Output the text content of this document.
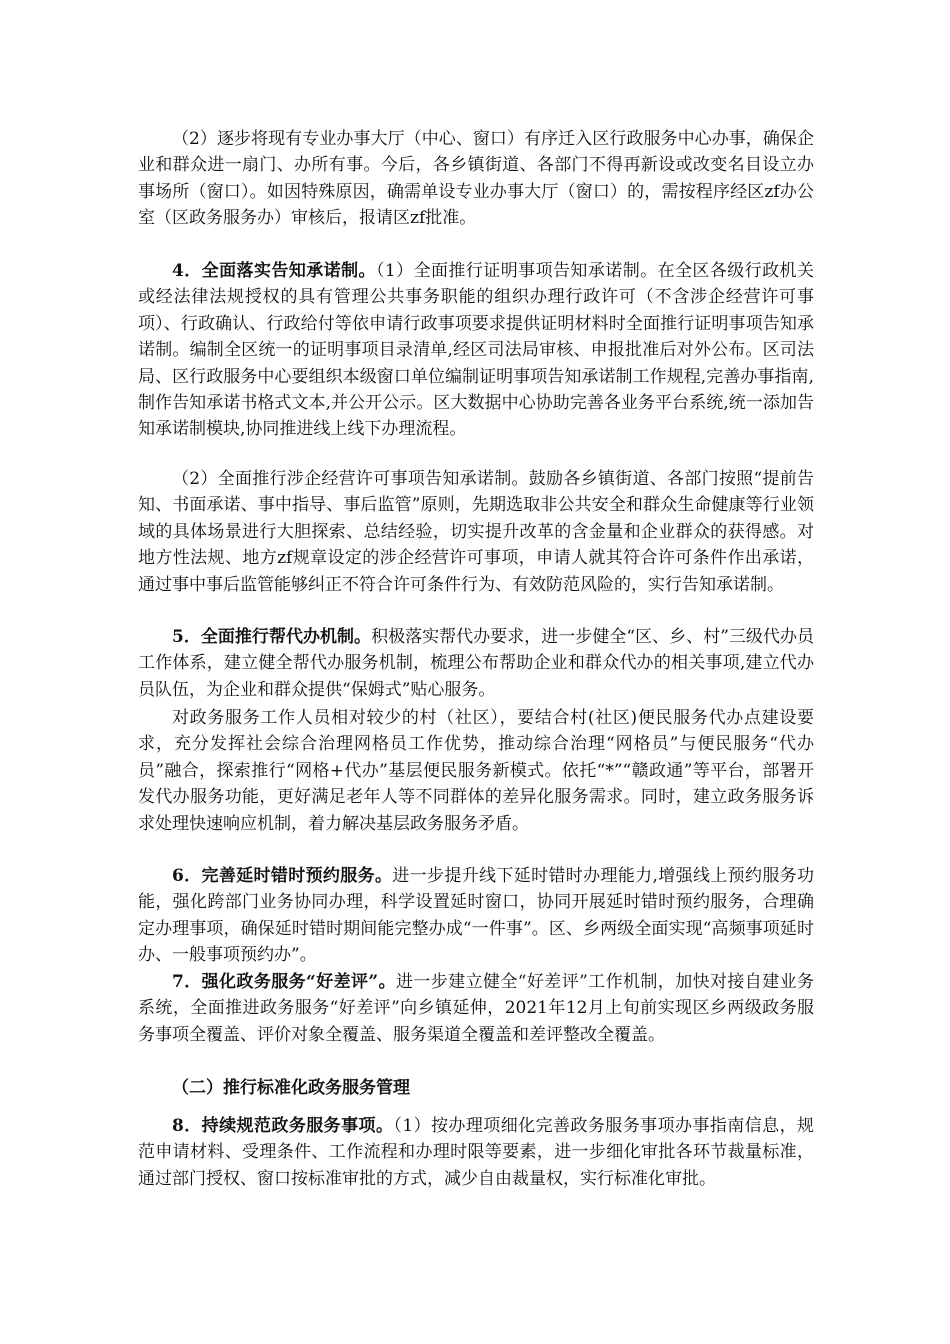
（2）逐步将现有专业办事大厅（中心、窗口）有序迁入区行政服务中心办事，确保企业和群众进一扇门、办所有事。今后，各乡镇街道、各部门不得再新设或改变名目设立办事场所（窗口）。如因特殊原因，确需单设专业办事大厅（窗口）的，需按程序经区zf办公室（区政务服务办）审核后，报请区zf批准。

4．全面落实告知承诺制。（1）全面推行证明事项告知承诺制。在全区各级行政机关或经法律法规授权的具有管理公共事务职能的组织办理行政许可（不含涉企经营许可事项）、行政确认、行政给付等依申请行政事项要求提供证明材料时全面推行证明事项告知承诺制。编制全区统一的证明事项目录清单,经区司法局审核、申报批准后对外公布。区司法局、区行政服务中心要组织本级窗口单位编制证明事项告知承诺制工作规程,完善办事指南,制作告知承诺书格式文本,并公开公示。区大数据中心协助完善各业务平台系统,统一添加告知承诺制模块,协同推进线上线下办理流程。

（2）全面推行涉企经营许可事项告知承诺制。鼓励各乡镇街道、各部门按照“提前告知、书面承诺、事中指导、事后监管”原则，先期选取非公共安全和群众生命健康等行业领域的具体场景进行大胆探索、总结经验，切实提升改革的含金量和企业群众的获得感。对地方性法规、地方zf规章设定的涉企经营许可事项，申请人就其符合许可条件作出承诺，通过事中事后监管能够纠正不符合许可条件行为、有效防范风险的，实行告知承诺制。

5．全面推行帮代办机制。积极落实帮代办要求，进一步健全“区、乡、村”三级代办员工作体系，建立健全帮代办服务机制，梳理公布帮助企业和群众代办的相关事项,建立代办员队伍，为企业和群众提供“保姆式”贴心服务。

对政务服务工作人员相对较少的村（社区），要结合村(社区)便民服务代办点建设要求，充分发挥社会综合治理网格员工作优势，推动综合治理“网格员”与便民服务“代办员”融合，探索推行“网格+代办”基层便民服务新模式。依托“*”“赣政通”等平台，部署开发代办服务功能，更好满足老年人等不同群体的差异化服务需求。同时，建立政务服务诉求处理快速响应机制，着力解决基层政务服务矛盾。

6．完善延时错时预约服务。进一步提升线下延时错时办理能力,增强线上预约服务功能，强化跨部门业务协同办理，科学设置延时窗口，协同开展延时错时预约服务，合理确定办理事项，确保延时错时期间能完整办成“一件事”。区、乡两级全面实现“高频事项延时办、一般事项预约办”。

7．强化政务服务“好差评”。进一步建立健全“好差评”工作机制，加快对接自建业务系统，全面推进政务服务“好差评”向乡镇延伸，2021年12月上旬前实现区乡两级政务服务事项全覆盖、评价对象全覆盖、服务渠道全覆盖和差评整改全覆盖。

（二）推行标准化政务服务管理

8．持续规范政务服务事项。（1）按办理项细化完善政务服务事项办事指南信息，规范申请材料、受理条件、工作流程和办理时限等要素，进一步细化审批各环节裁量标准，通过部门授权、窗口按标准审批的方式，减少自由裁量权，实行标准化审批。
